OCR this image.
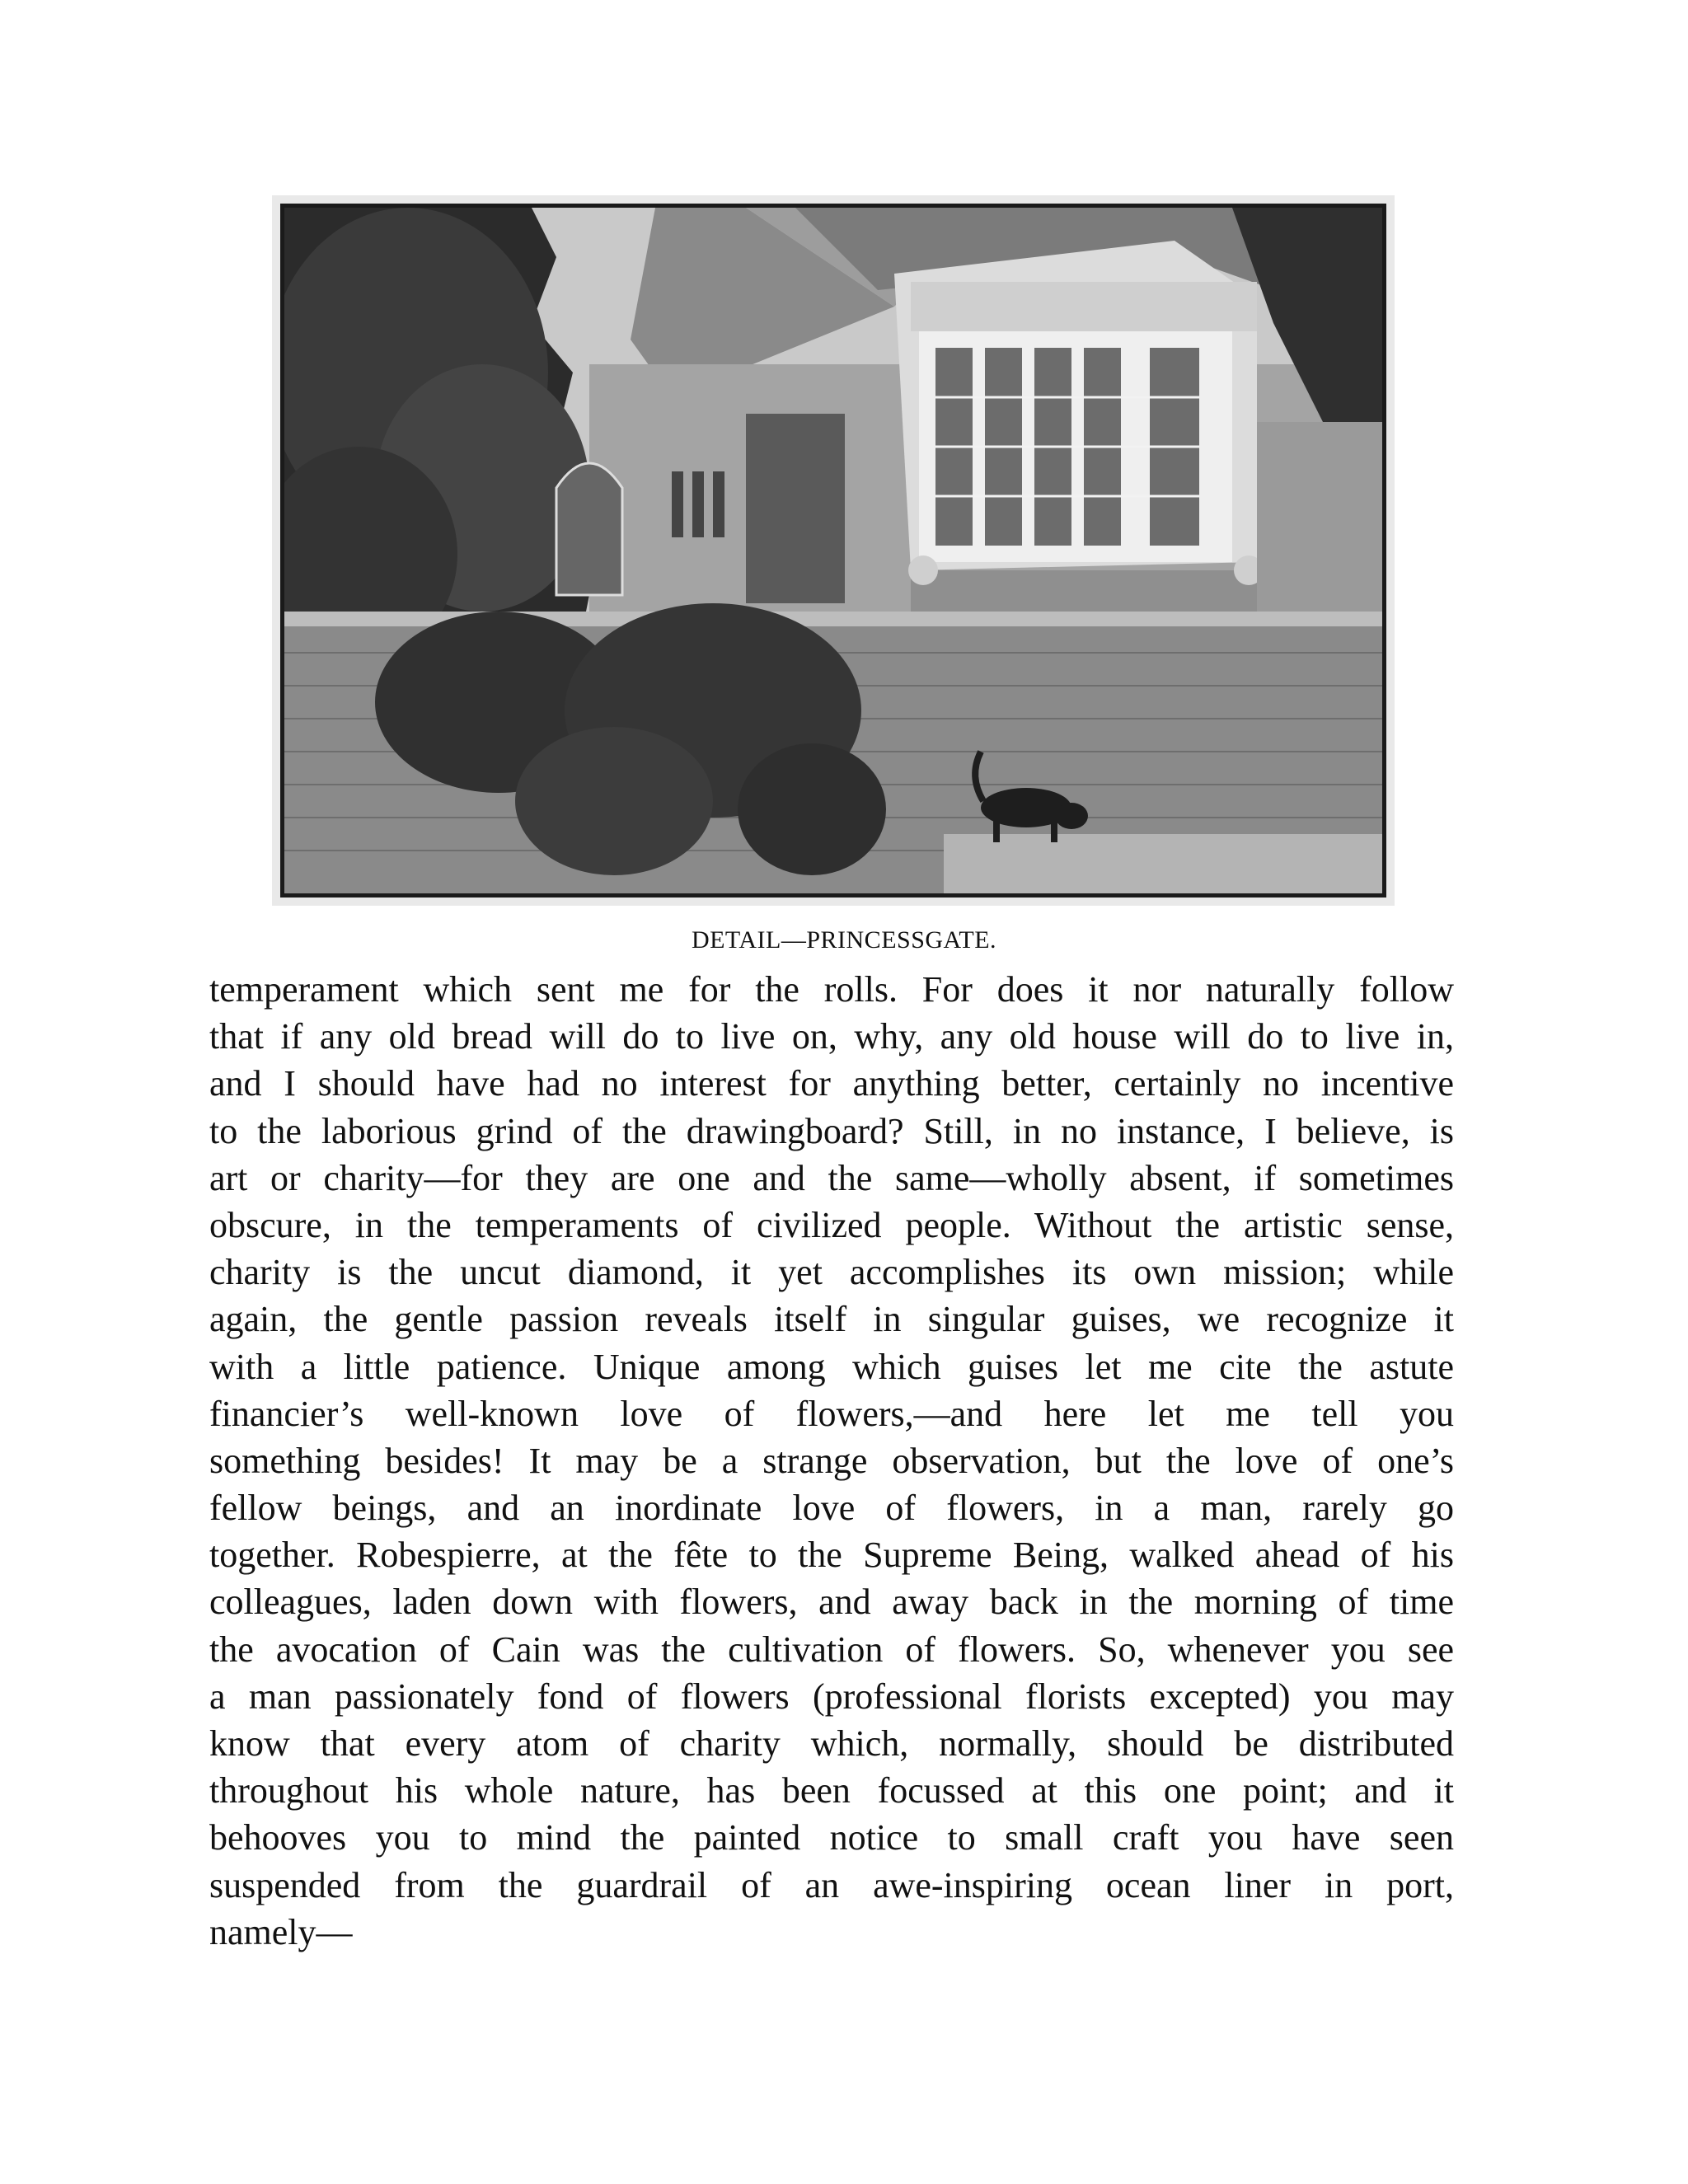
DETAIL—PRINCESSGATE.
temperament which sent me for the rolls. For does it nor naturally follow
that if any old bread will do to live on, why, any old house will do to live in,
and I should have had no interest for anything better, certainly no incentive
to the laborious grind of the drawingboard? Still, in no instance, I believe, is
art or charity—for they are one and the same—wholly absent, if sometimes
obscure, in the temperaments of civilized people. Without the artistic sense,
charity is the uncut diamond, it yet accomplishes its own mission; while
again, the gentle passion reveals itself in singular guises, we recognize it
with a little patience. Unique among which guises let me cite the astute
financier’s well-known love of flowers,—and here let me tell you
something besides! It may be a strange observation, but the love of one’s
fellow beings, and an inordinate love of flowers, in a man, rarely go
together. Robespierre, at the fête to the Supreme Being, walked ahead of his
colleagues, laden down with flowers, and away back in the morning of time
the avocation of Cain was the cultivation of flowers. So, whenever you see
a man passionately fond of flowers (professional florists excepted) you may
know that every atom of charity which, normally, should be distributed
throughout his whole nature, has been focussed at this one point; and it
behooves you to mind the painted notice to small craft you have seen
suspended from the guardrail of an awe-inspiring ocean liner in port,
namely—
